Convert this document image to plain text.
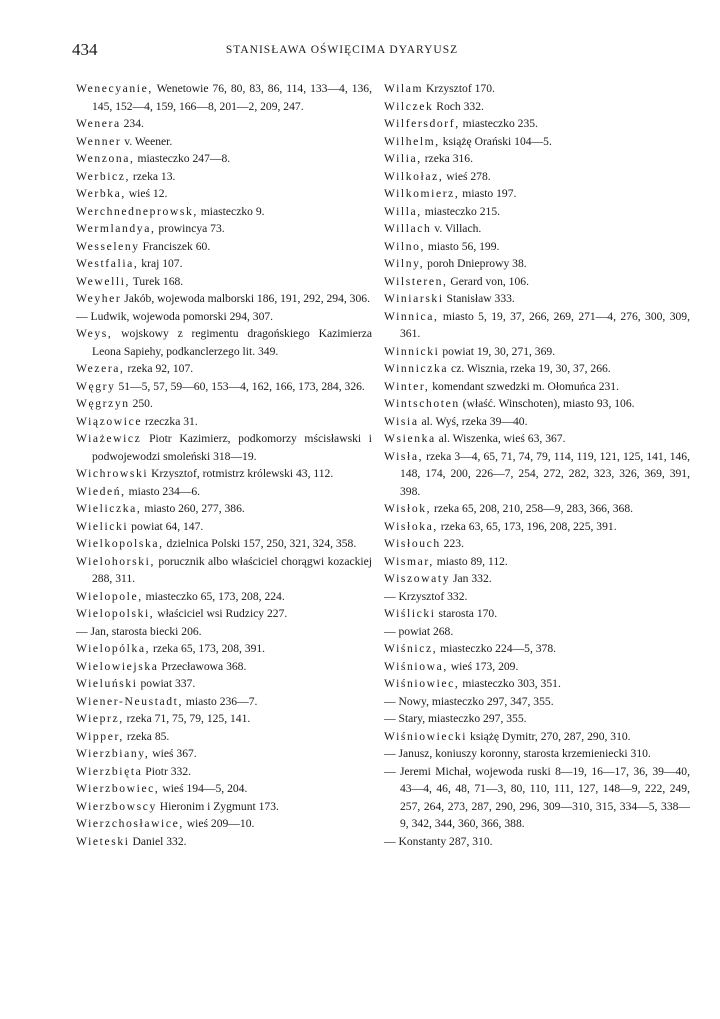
434	STANISŁAWA OŚWIĘCIMA DYARYUSZ

Wenecyanie, Wenetowie 76, 80, 83, 86, 114, 133—4, 136, 145, 152—4, 159, 166—8, 201—2, 209, 247.

Wenera 234.

Wenner v. Weener.

Wenzona, miasteczko 247—8.

Werbicz, rzeka 13.

Werbka, wieś 12.

Werchnedneprowsk, miasteczko 9.

Wermlandya, prowincya 73.

Wesseleny Franciszek 60.

Westfalia, kraj 107.

Wewelli, Turek 168.

Weyher Jakób, wojewoda malborski 186, 191, 292, 294, 306.

— Ludwik, wojewoda pomorski 294, 307.

Weys, wojskowy z regimentu dragońskiego Kazimierza Leona Sapiehy, podkanclerzego lit. 349.

Wezera, rzeka 92, 107.

Węgry 51—5, 57, 59—60, 153—4, 162, 166, 173, 284, 326.

Węgrzyn 250.

Wiązowice rzeczka 31.

Wiażewicz Piotr Kazimierz, podkomorzy mścisławski i podwojewodzi smoleński 318—19.

Wichrowski Krzysztof, rotmistrz królewski 43, 112.

Wiedeń, miasto 234—6.

Wieliczka, miasto 260, 277, 386.

Wielicki powiat 64, 147.

Wielkopolska, dzielnica Polski 157, 250, 321, 324, 358.

Wielohorski, porucznik albo właściciel chorągwi kozackiej 288, 311.

Wielopole, miasteczko 65, 173, 208, 224.

Wielopolski, właściciel wsi Rudzicy 227.

— Jan, starosta biecki 206.

Wielopólka, rzeka 65, 173, 208, 391.

Wielowiejska Przecławowa 368.

Wieluński powiat 337.

Wiener-Neustadt, miasto 236—7.

Wieprz, rzeka 71, 75, 79, 125, 141.

Wipper, rzeka 85.

Wierzbiany, wieś 367.

Wierzbięta Piotr 332.

Wierzbowiec, wieś 194—5, 204.

Wierzbowscy Hieronim i Zygmunt 173.

Wierzchosławice, wieś 209—10.

Wieteski Daniel 332.

Wilam Krzysztof 170.

Wilczek Roch 332.

Wilfersdorf, miasteczko 235.

Wilhelm, książę Orański 104—5.

Wilia, rzeka 316.

Wilkołaz, wieś 278.

Wilkomierz, miasto 197.

Willa, miasteczko 215.

Willach v. Villach.

Wilno, miasto 56, 199.

Wilny, poroh Dnieprowy 38.

Wilsteren, Gerard von, 106.

Winiarski Stanisław 333.

Winnica, miasto 5, 19, 37, 266, 269, 271—4, 276, 300, 309, 361.

Winnicki powiat 19, 30, 271, 369.

Winniczka cz. Wisznia, rzeka 19, 30, 37, 266.

Winter, komendant szwedzki m. Ołomuńca 231.

Wintschoten (właść. Winschoten), miasto 93, 106.

Wisia al. Wyś, rzeka 39—40.

Wsienka al. Wiszenka, wieś 63, 367.

Wisła, rzeka 3—4, 65, 71, 74, 79, 114, 119, 121, 125, 141, 146, 148, 174, 200, 226—7, 254, 272, 282, 323, 326, 369, 391, 398.

Wisłok, rzeka 65, 208, 210, 258—9, 283, 366, 368.

Wisłoka, rzeka 63, 65, 173, 196, 208, 225, 391.

Wisłouch 223.

Wismar, miasto 89, 112.

Wiszowaty Jan 332.

— Krzysztof 332.

Wiślicki starosta 170.

— powiat 268.

Wiśnicz, miasteczko 224—5, 378.

Wiśniowa, wieś 173, 209.

Wiśniowiec, miasteczko 303, 351.

— Nowy, miasteczko 297, 347, 355.

— Stary, miasteczko 297, 355.

Wiśniowiecki książę Dymitr, 270, 287, 290, 310.

— Janusz, koniuszy koronny, starosta krzemieniecki 310.

— Jeremi Michał, wojewoda ruski 8—19, 16—17, 36, 39—40, 43—4, 46, 48, 71—3, 80, 110, 111, 127, 148—9, 222, 249, 257, 264, 273, 287, 290, 296, 309—310, 315, 334—5, 338—9, 342, 344, 360, 366, 388.

— Konstanty 287, 310.
